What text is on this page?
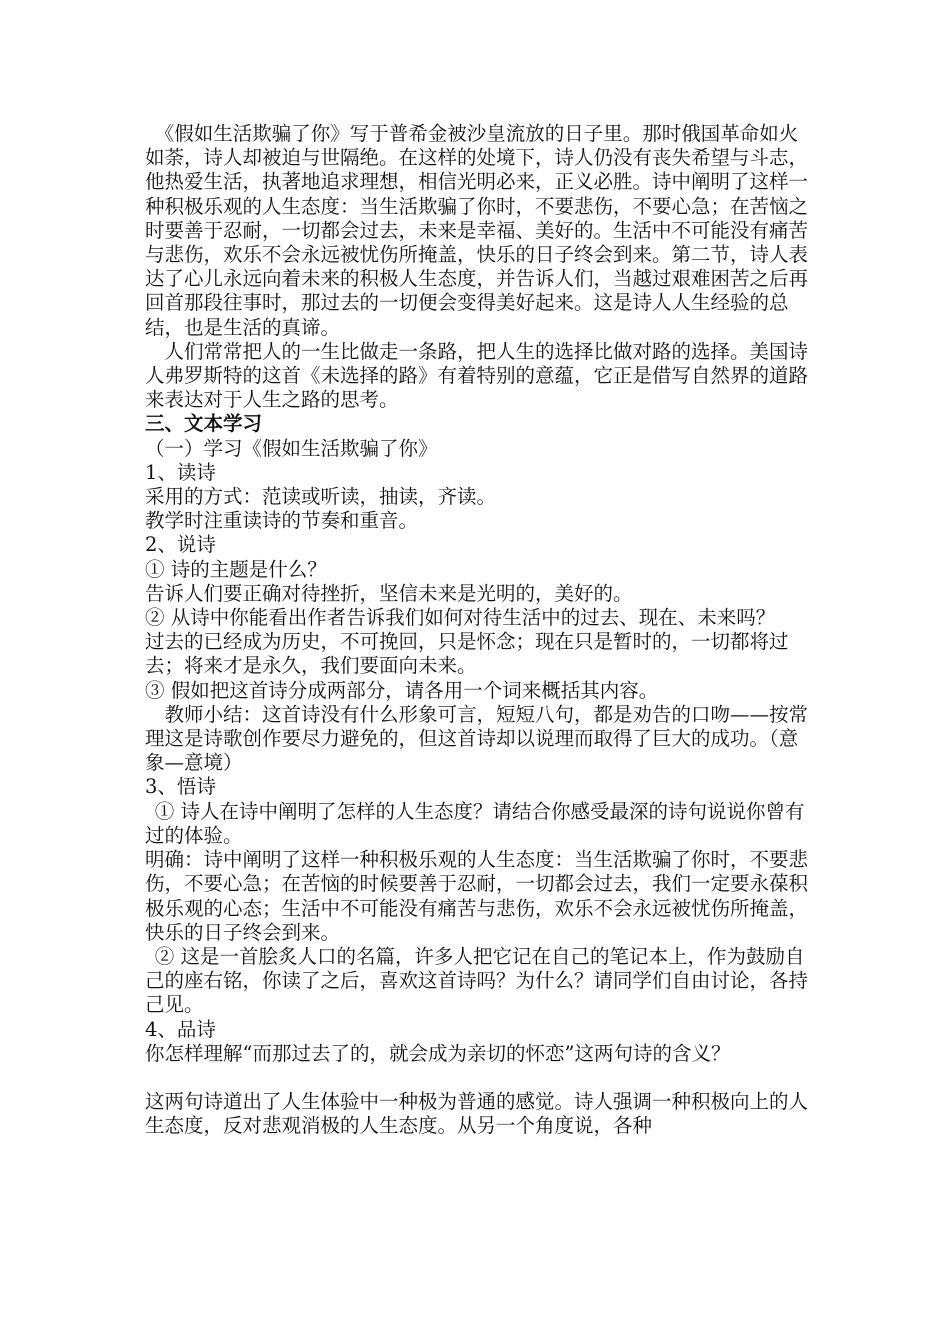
《假如生活欺骗了你》写于普希金被沙皇流放的日子里。那时俄国革命如火如荼，诗人却被迫与世隔绝。在这样的处境下，诗人仍没有丧失希望与斗志，他热爱生活，执著地追求理想，相信光明必来，正义必胜。诗中阐明了这样一种积极乐观的人生态度：当生活欺骗了你时，不要悲伤，不要心急；在苦恼之时要善于忍耐，一切都会过去，未来是幸福、美好的。生活中不可能没有痛苦与悲伤，欢乐不会永远被忧伤所掩盖，快乐的日子终会到来。第二节，诗人表达了心儿永远向着未来的积极人生态度，并告诉人们，当越过艰难困苦之后再回首那段往事时，那过去的一切便会变得美好起来。这是诗人人生经验的总结，也是生活的真谛。

人们常常把人的一生比做走一条路，把人生的选择比做对路的选择。美国诗人弗罗斯特的这首《未选择的路》有着特别的意蕴，它正是借写自然界的道路来表达对于人生之路的思考。

三、文本学习

（一）学习《假如生活欺骗了你》

1、读诗

采用的方式：范读或听读，抽读，齐读。

教学时注重读诗的节奏和重音。

2、说诗

① 诗的主题是什么？

告诉人们要正确对待挫折，坚信未来是光明的，美好的。

② 从诗中你能看出作者告诉我们如何对待生活中的过去、现在、未来吗？

过去的已经成为历史，不可挽回，只是怀念；现在只是暂时的，一切都将过去；将来才是永久，我们要面向未来。

③ 假如把这首诗分成两部分，请各用一个词来概括其内容。

教师小结：这首诗没有什么形象可言，短短八句，都是劝告的口吻——按常理这是诗歌创作要尽力避免的，但这首诗却以说理而取得了巨大的成功。（意象—意境）

3、悟诗

① 诗人在诗中阐明了怎样的人生态度？请结合你感受最深的诗句说说你曾有过的体验。

明确：诗中阐明了这样一种积极乐观的人生态度：当生活欺骗了你时，不要悲伤，不要心急；在苦恼的时候要善于忍耐，一切都会过去，我们一定要永葆积极乐观的心态；生活中不可能没有痛苦与悲伤，欢乐不会永远被忧伤所掩盖，快乐的日子终会到来。

② 这是一首脍炙人口的名篇，许多人把它记在自己的笔记本上，作为鼓励自己的座右铭，你读了之后，喜欢这首诗吗？为什么？请同学们自由讨论，各持己见。

4、品诗

你怎样理解“而那过去了的，就会成为亲切的怀恋”这两句诗的含义？

这两句诗道出了人生体验中一种极为普通的感觉。诗人强调一种积极向上的人生态度，反对悲观消极的人生态度。从另一个角度说，各种
